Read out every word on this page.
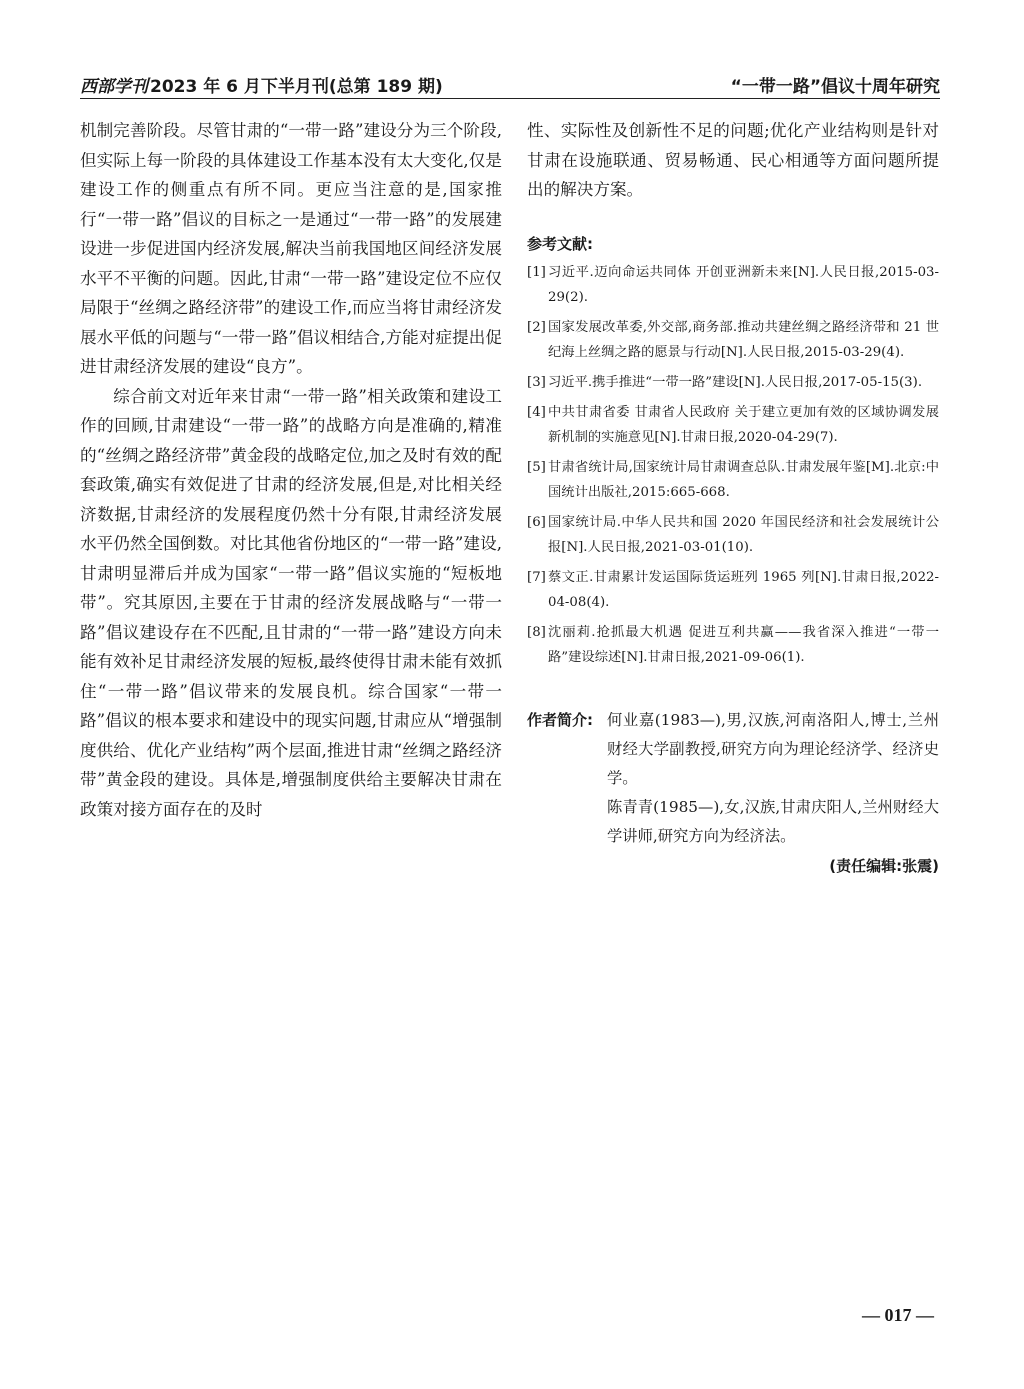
西部学刊 2023 年 6 月下半月刊(总第 189 期)	“一带一路”倡议十周年研究

机制完善阶段。尽管甘肃的“一带一路”建设分为三个阶段,但实际上每一阶段的具体建设工作基本没有太大变化,仅是建设工作的侧重点有所不同。更应当注意的是,国家推行“一带一路”倡议的目标之一是通过“一带一路”的发展建设进一步促进国内经济发展,解决当前我国地区间经济发展水平不平衡的问题。因此,甘肃“一带一路”建设定位不应仅局限于“丝绸之路经济带”的建设工作,而应当将甘肃经济发展水平低的问题与“一带一路”倡议相结合,方能对症提出促进甘肃经济发展的建设“良方”。

综合前文对近年来甘肃“一带一路”相关政策和建设工作的回顾,甘肃建设“一带一路”的战略方向是准确的,精准的“丝绸之路经济带”黄金段的战略定位,加之及时有效的配套政策,确实有效促进了甘肃的经济发展,但是,对比相关经济数据,甘肃经济的发展程度仍然十分有限,甘肃经济发展水平仍然全国倒数。对比其他省份地区的“一带一路”建设,甘肃明显滞后并成为国家“一带一路”倡议实施的“短板地带”。究其原因,主要在于甘肃的经济发展战略与“一带一路”倡议建设存在不匹配,且甘肃的“一带一路”建设方向未能有效补足甘肃经济发展的短板,最终使得甘肃未能有效抓住“一带一路”倡议带来的发展良机。综合国家“一带一路”倡议的根本要求和建设中的现实问题,甘肃应从“增强制度供给、优化产业结构”两个层面,推进甘肃“丝绸之路经济带”黄金段的建设。具体是,增强制度供给主要解决甘肃在政策对接方面存在的及时

性、实际性及创新性不足的问题;优化产业结构则是针对甘肃在设施联通、贸易畅通、民心相通等方面问题所提出的解决方案。

参考文献:
[1] 习近平.迈向命运共同体 开创亚洲新未来[N].人民日报,2015-03-29(2).
[2] 国家发展改革委,外交部,商务部.推动共建丝绸之路经济带和 21 世纪海上丝绸之路的愿景与行动[N].人民日报,2015-03-29(4).
[3] 习近平.携手推进“一带一路”建设[N].人民日报,2017-05-15(3).
[4] 中共甘肃省委 甘肃省人民政府 关于建立更加有效的区域协调发展新机制的实施意见[N].甘肃日报,2020-04-29(7).
[5] 甘肃省统计局,国家统计局甘肃调查总队.甘肃发展年鉴[M].北京:中国统计出版社,2015:665-668.
[6] 国家统计局.中华人民共和国 2020 年国民经济和社会发展统计公报[N].人民日报,2021-03-01(10).
[7] 蔡文正.甘肃累计发运国际货运班列 1965 列[N].甘肃日报,2022-04-08(4).
[8] 沈丽莉.抢抓最大机遇 促进互利共赢——我省深入推进“一带一路”建设综述[N].甘肃日报,2021-09-06(1).
作者简介: 何业嘉(1983—),男,汉族,河南洛阳人,博士,兰州财经大学副教授,研究方向为理论经济学、经济史学。

陈青青(1985—),女,汉族,甘肃庆阳人,兰州财经大学讲师,研究方向为经济法。

(责任编辑:张震)
— 017 —
